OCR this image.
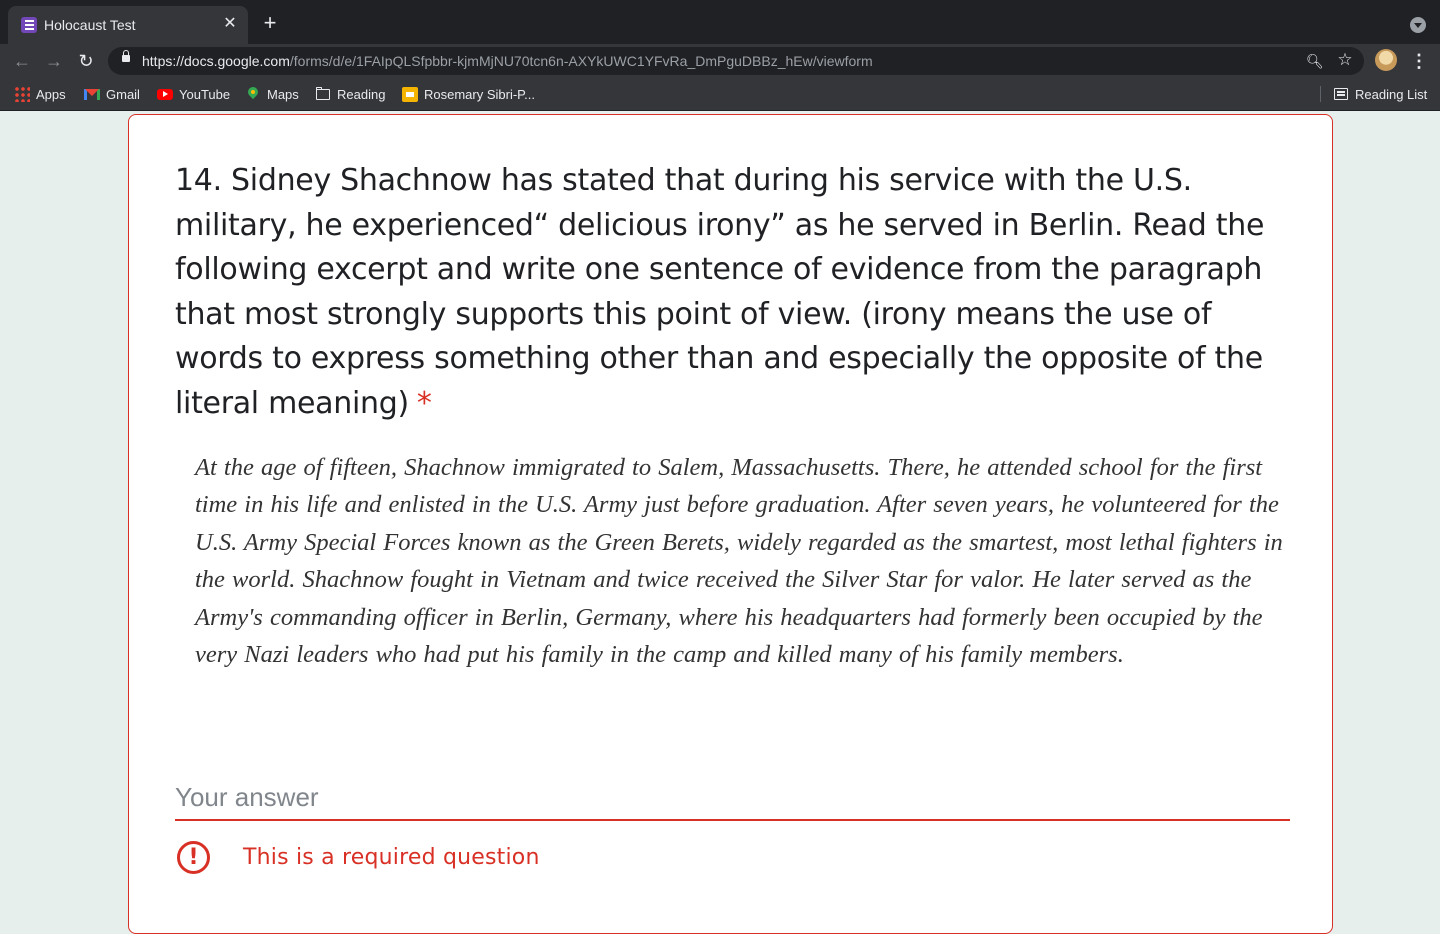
Holocaust Test	✕ +
← → ↻	https://docs.google.com/forms/d/e/1FAIpQLSfpbbr-kjmMjNU70tcn6n-AXYkUWC1YFvRa_DmPguDBBz_hEw/viewform	🔍︎ ☆	⋮
Apps	Gmail	YouTube	Maps	Reading	Rosemary Sibri-P...	Reading List
14. Sidney Shachnow has stated that during his service with the U.S. military, he experienced“ delicious irony” as he served in Berlin. Read the following excerpt and write one sentence of evidence from the paragraph that most strongly supports this point of view. (irony means the use of words to express something other than and especially the opposite of the literal meaning) *

At the age of fifteen, Shachnow immigrated to Salem, Massachusetts. There, he attended school for the first time in his life and enlisted in the U.S. Army just before graduation. After seven years, he volunteered for the U.S. Army Special Forces known as the Green Berets, widely regarded as the smartest, most lethal fighters in the world. Shachnow fought in Vietnam and twice received the Silver Star for valor. He later served as the Army's commanding officer in Berlin, Germany, where his headquarters had formerly been occupied by the very Nazi leaders who had put his family in the camp and killed many of his family members.

Your answer
!	This is a required question
